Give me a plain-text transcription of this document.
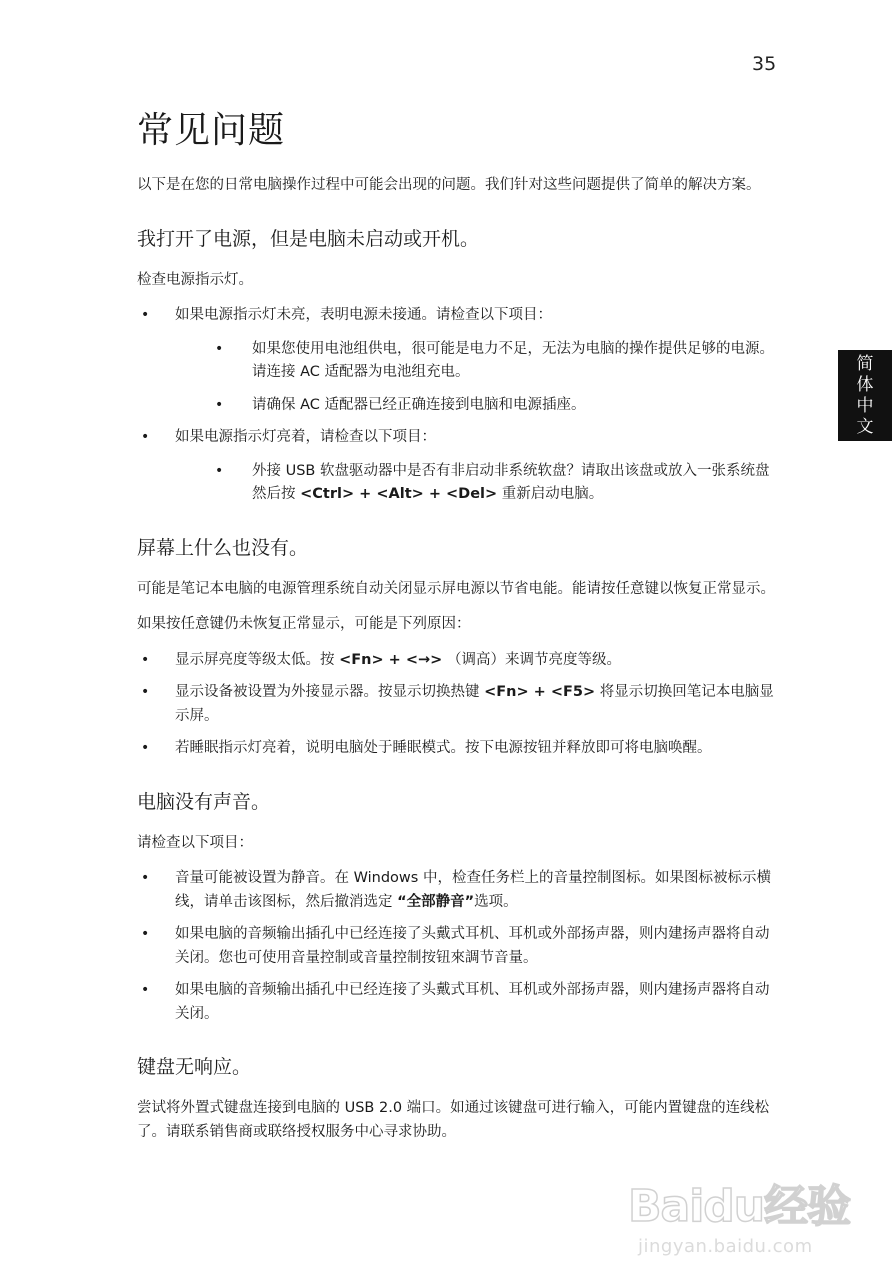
35
简
体
中
文
常见问题

以下是在您的日常电脑操作过程中可能会出现的问题。我们针对这些问题提供了简单的解决方案。

我打开了电源，但是电脑未启动或开机。

检查电源指示灯。

• 如果电源指示灯未亮，表明电源未接通。请检查以下项目：
• 如果您使用电池组供电，很可能是电力不足，无法为电脑的操作提供足够的电源。请连接 AC 适配器为电池组充电。
• 请确保 AC 适配器已经正确连接到电脑和电源插座。
• 如果电源指示灯亮着，请检查以下项目：
• 外接 USB 软盘驱动器中是否有非启动非系统软盘？请取出该盘或放入一张系统盘然后按 <Ctrl> + <Alt> + <Del> 重新启动电脑。
屏幕上什么也没有。

可能是笔记本电脑的电源管理系统自动关闭显示屏电源以节省电能。能请按任意键以恢复正常显示。

如果按任意键仍未恢复正常显示，可能是下列原因：

• 显示屏亮度等级太低。按 <Fn> + <→> （调高）来调节亮度等级。
• 显示设备被设置为外接显示器。按显示切换热键 <Fn> + <F5> 将显示切换回笔记本电脑显示屏。
• 若睡眠指示灯亮着，说明电脑处于睡眠模式。按下电源按钮并释放即可将电脑唤醒。
电脑没有声音。

请检查以下项目：

• 音量可能被设置为静音。在 Windows 中，检查任务栏上的音量控制图标。如果图标被标示横线，请单击该图标，然后撤消选定 “全部静音”选项。
• 如果电脑的音频输出插孔中已经连接了头戴式耳机、耳机或外部扬声器，则内建扬声器将自动关闭。您也可使用音量控制或音量控制按钮來調节音量。
• 如果电脑的音频输出插孔中已经连接了头戴式耳机、耳机或外部扬声器，则内建扬声器将自动关闭。
键盘无响应。

尝试将外置式键盘连接到电脑的 USB 2.0 端口。如通过该键盘可进行输入，可能内置键盘的连线松了。请联系销售商或联络授权服务中心寻求协助。

Baidu经验
jingyan.baidu.com
